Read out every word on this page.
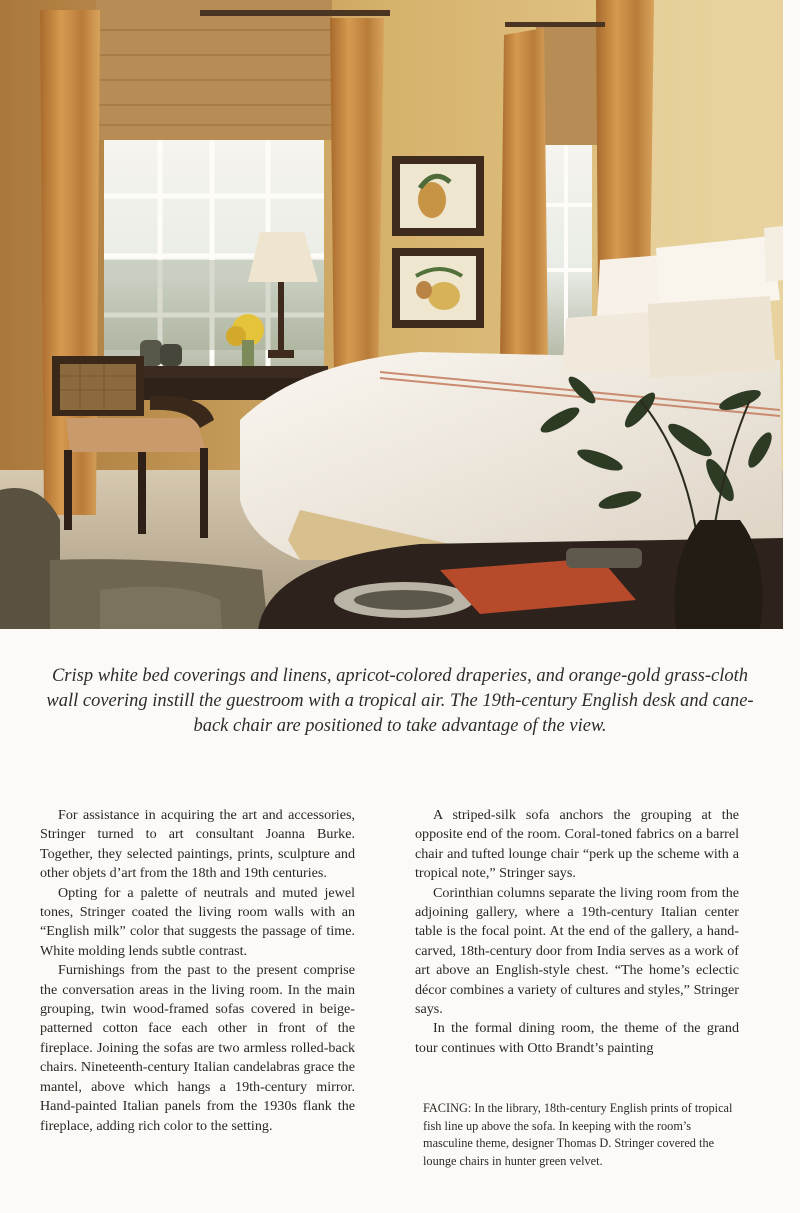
Crisp white bed coverings and linens, apricot-colored draperies, and orange-gold grass-cloth wall covering instill the guestroom with a tropical air. The 19th-century English desk and cane-back chair are positioned to take advantage of the view.

For assistance in acquiring the art and accessories, Stringer turned to art consultant Joanna Burke. Together, they selected paintings, prints, sculpture and other objets d’art from the 18th and 19th centuries.

Opting for a palette of neutrals and muted jewel tones, Stringer coated the living room walls with an “English milk” color that suggests the passage of time. White molding lends subtle contrast.

Furnishings from the past to the present comprise the conversation areas in the living room. In the main grouping, twin wood-framed sofas covered in beige-patterned cotton face each other in front of the fireplace. Joining the sofas are two armless rolled-back chairs. Nineteenth-century Italian candelabras grace the mantel, above which hangs a 19th-century mirror. Hand-painted Italian panels from the 1930s flank the fireplace, adding rich color to the setting.

A striped-silk sofa anchors the grouping at the opposite end of the room. Coral-toned fabrics on a barrel chair and tufted lounge chair “perk up the scheme with a tropical note,” Stringer says.

Corinthian columns separate the living room from the adjoining gallery, where a 19th-century Italian center table is the focal point. At the end of the gallery, a hand-carved, 18th-century door from India serves as a work of art above an English-style chest. “The home’s eclectic décor combines a variety of cultures and styles,” Stringer says.

In the formal dining room, the theme of the grand tour continues with Otto Brandt’s painting

FACING: In the library, 18th-century English prints of tropical fish line up above the sofa. In keeping with the room’s masculine theme, designer Thomas D. Stringer covered the lounge chairs in hunter green velvet.
